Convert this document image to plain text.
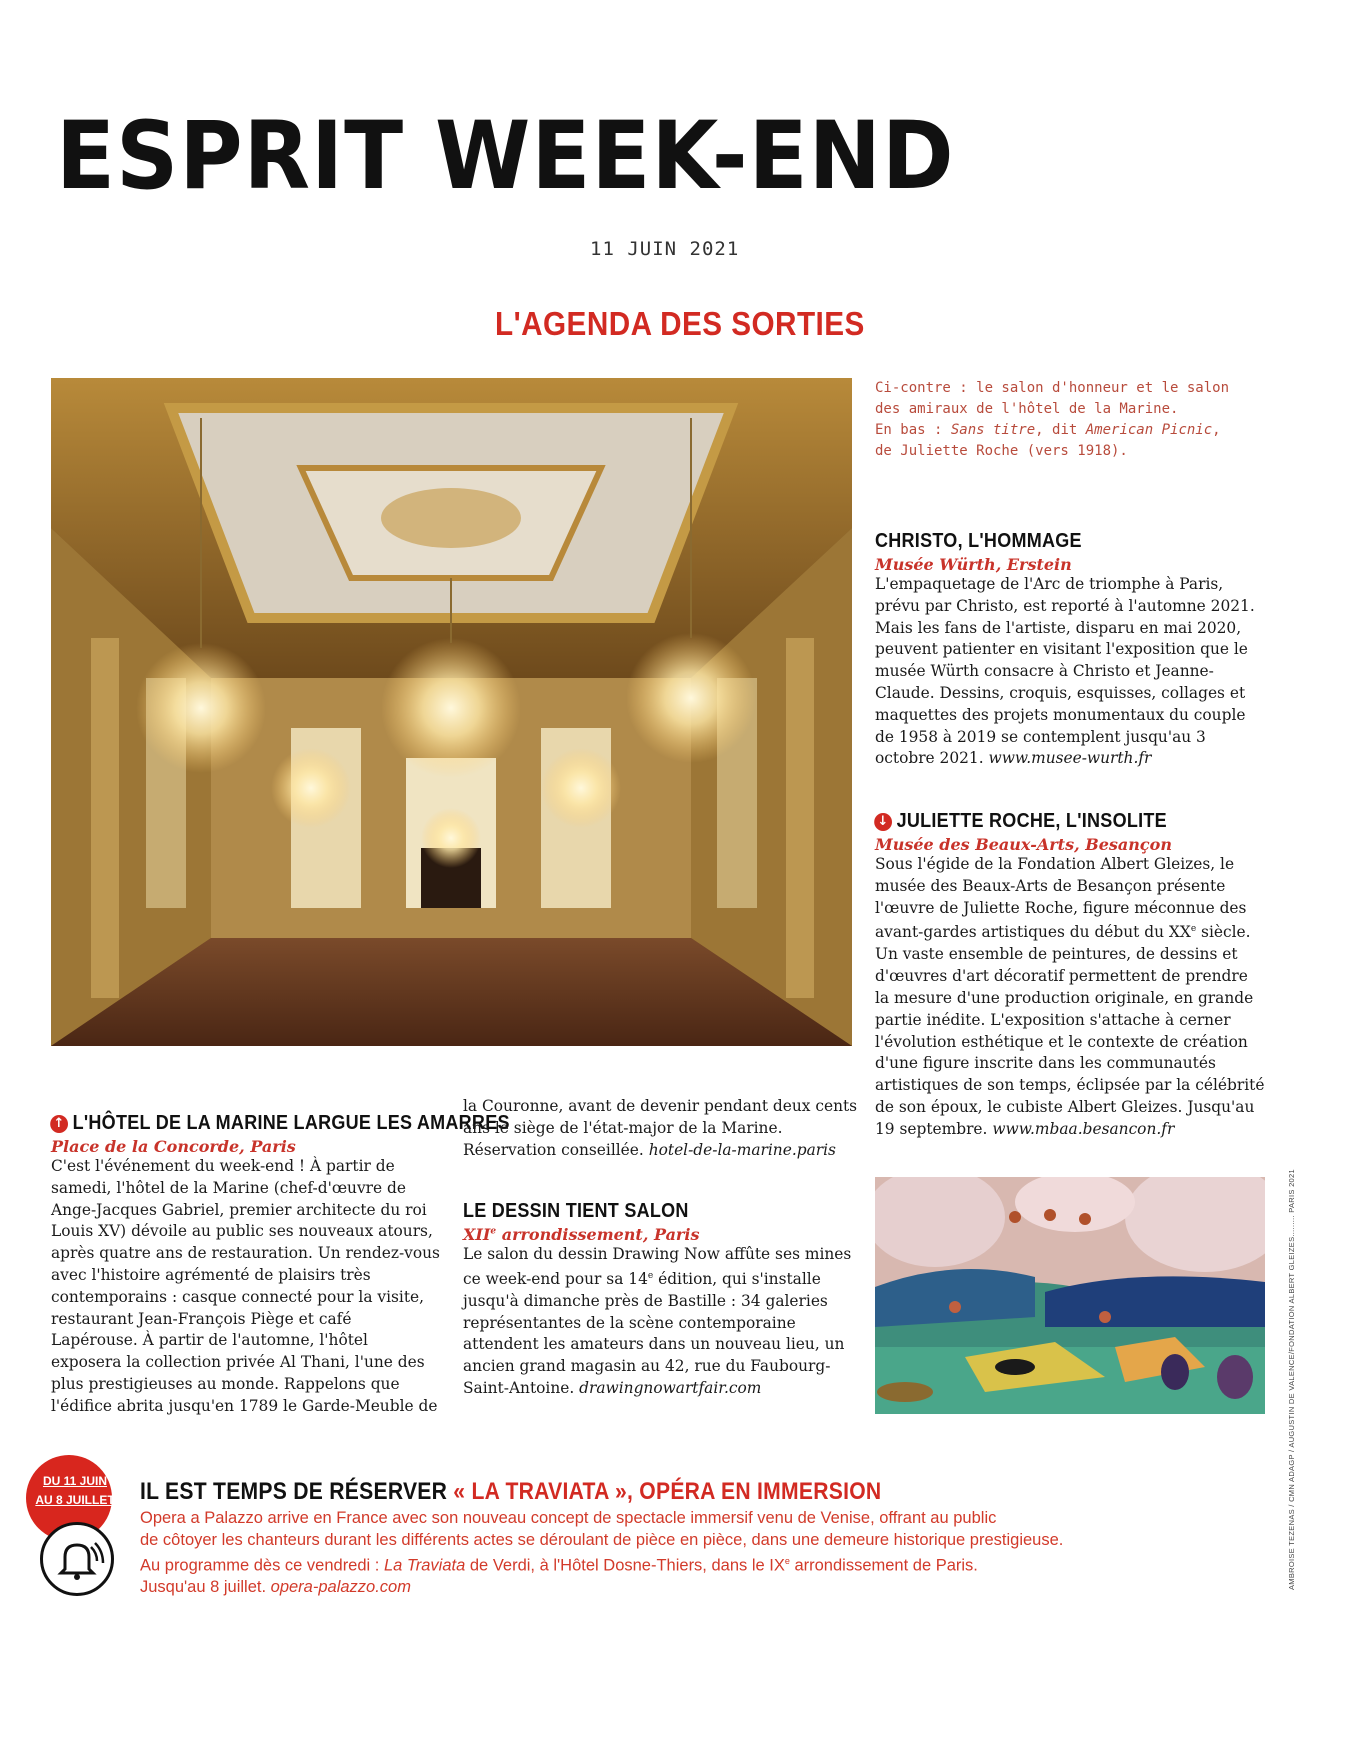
ESPRIT WEEK-END
11 JUIN 2021
L'AGENDA DES SORTIES
Ci-contre : le salon d'honneur et le salon
des amiraux de l'hôtel de la Marine.
En bas : Sans titre, dit American Picnic,
de Juliette Roche (vers 1918).
CHRISTO, L'HOMMAGE
Musée Würth, Erstein
L'empaquetage de l'Arc de triomphe à Paris, prévu par Christo, est reporté à l'automne 2021. Mais les fans de l'artiste, disparu en mai 2020, peuvent patienter en visitant l'exposition que le musée Würth consacre à Christo et Jeanne-Claude. Dessins, croquis, esquisses, collages et maquettes des projets monumentaux du couple de 1958 à 2019 se contemplent jusqu'au 3 octobre 2021. www.musee-wurth.fr
↓ JULIETTE ROCHE, L'INSOLITE
Musée des Beaux-Arts, Besançon
Sous l'égide de la Fondation Albert Gleizes, le musée des Beaux-Arts de Besançon présente l'œuvre de Juliette Roche, figure méconnue des avant-gardes artistiques du début du XXe siècle. Un vaste ensemble de peintures, de dessins et d'œuvres d'art décoratif permettent de prendre la mesure d'une production originale, en grande partie inédite. L'exposition s'attache à cerner l'évolution esthétique et le contexte de création d'une figure inscrite dans les communautés artistiques de son temps, éclipsée par la célébrité de son époux, le cubiste Albert Gleizes. Jusqu'au 19 septembre. www.mbaa.besancon.fr
↑ L'HÔTEL DE LA MARINE LARGUE LES AMARRES
Place de la Concorde, Paris
C'est l'événement du week-end ! À partir de samedi, l'hôtel de la Marine (chef-d'œuvre de Ange-Jacques Gabriel, premier architecte du roi Louis XV) dévoile au public ses nouveaux atours, après quatre ans de restauration. Un rendez-vous avec l'histoire agrémenté de plaisirs très contemporains : casque connecté pour la visite, restaurant Jean-François Piège et café Lapérouse. À partir de l'automne, l'hôtel exposera la collection privée Al Thani, l'une des plus prestigieuses au monde. Rappelons que l'édifice abrita jusqu'en 1789 le Garde-Meuble de
la Couronne, avant de devenir pendant deux cents ans le siège de l'état-major de la Marine. Réservation conseillée. hotel-de-la-marine.paris
LE DESSIN TIENT SALON
XIIe arrondissement, Paris
Le salon du dessin Drawing Now affûte ses mines ce week-end pour sa 14e édition, qui s'installe jusqu'à dimanche près de Bastille : 34 galeries représentantes de la scène contemporaine attendent les amateurs dans un nouveau lieu, un ancien grand magasin au 42, rue du Faubourg-Saint-Antoine. drawingnowartfair.com
DU 11 JUIN
AU 8 JUILLET	IL EST TEMPS DE RÉSERVER « LA TRAVIATA », OPÉRA EN IMMERSION
Opera a Palazzo arrive en France avec son nouveau concept de spectacle immersif venu de Venise, offrant au public
de côtoyer les chanteurs durant les différents actes se déroulant de pièce en pièce, dans une demeure historique prestigieuse.
Au programme dès ce vendredi : La Traviata de Verdi, à l'Hôtel Dosne-Thiers, dans le IXe arrondissement de Paris.
Jusqu'au 8 juillet. opera-palazzo.com	AMBROISE TEZENAS / CMN ADAGP / AUGUSTIN DE VALENCE/FONDATION ALBERT GLEIZES......... PARIS 2021
